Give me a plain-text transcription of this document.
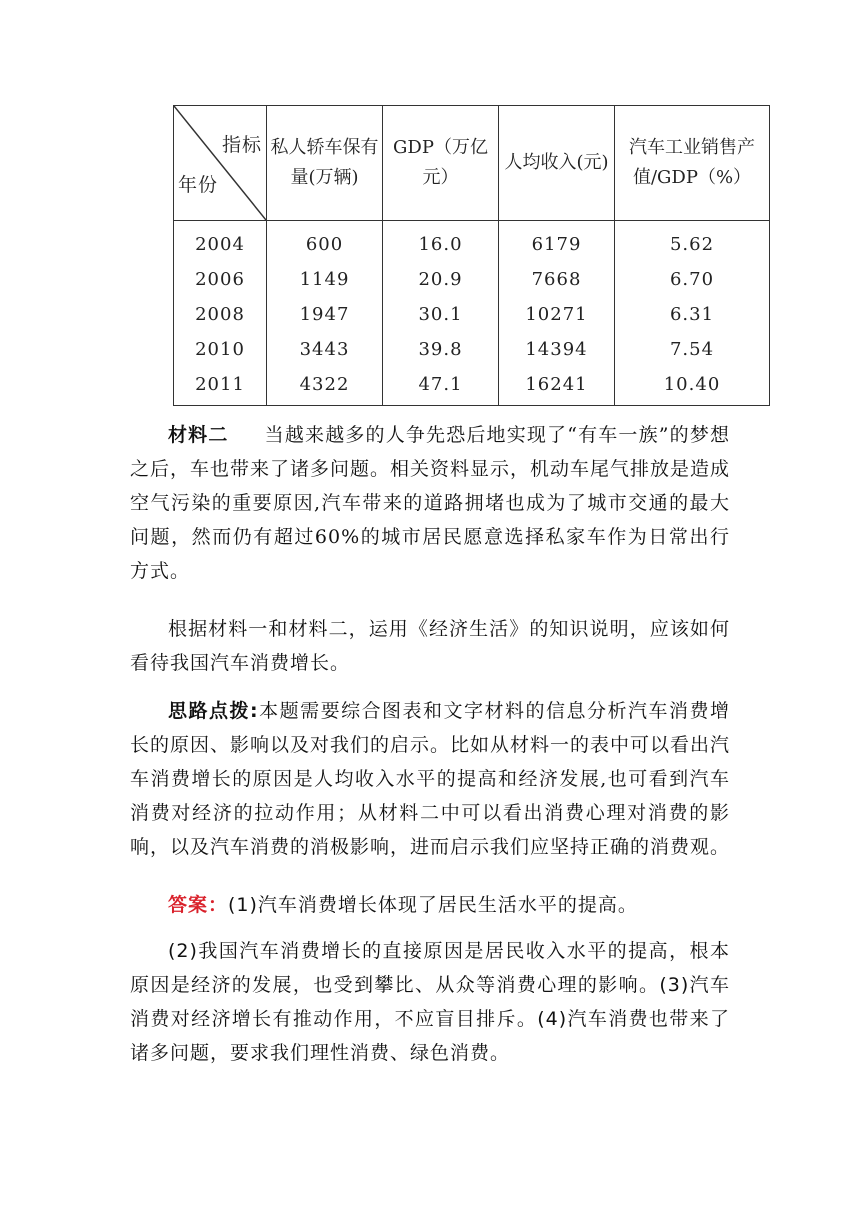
指标
年份	私人轿车保有量(万辆)	GDP（万亿元）	人均收入(元)	汽车工业销售产值/GDP（%）
2004	600	16.0	6179	5.62
2006	1149	20.9	7668	6.70
2008	1947	30.1	10271	6.31
2010	3443	39.8	14394	7.54
2011	4322	47.1	16241	10.40

材料二 当越来越多的人争先恐后地实现了“有车一族”的梦想之后，车也带来了诸多问题。相关资料显示，机动车尾气排放是造成空气污染的重要原因,汽车带来的道路拥堵也成为了城市交通的最大问题，然而仍有超过60%的城市居民愿意选择私家车作为日常出行方式。

根据材料一和材料二，运用《经济生活》的知识说明，应该如何看待我国汽车消费增长。

思路点拨:本题需要综合图表和文字材料的信息分析汽车消费增长的原因、影响以及对我们的启示。比如从材料一的表中可以看出汽车消费增长的原因是人均收入水平的提高和经济发展,也可看到汽车消费对经济的拉动作用；从材料二中可以看出消费心理对消费的影响，以及汽车消费的消极影响，进而启示我们应坚持正确的消费观。

答案：(1)汽车消费增长体现了居民生活水平的提高。

(2)我国汽车消费增长的直接原因是居民收入水平的提高，根本原因是经济的发展，也受到攀比、从众等消费心理的影响。(3)汽车消费对经济增长有推动作用，不应盲目排斥。(4)汽车消费也带来了诸多问题，要求我们理性消费、绿色消费。
